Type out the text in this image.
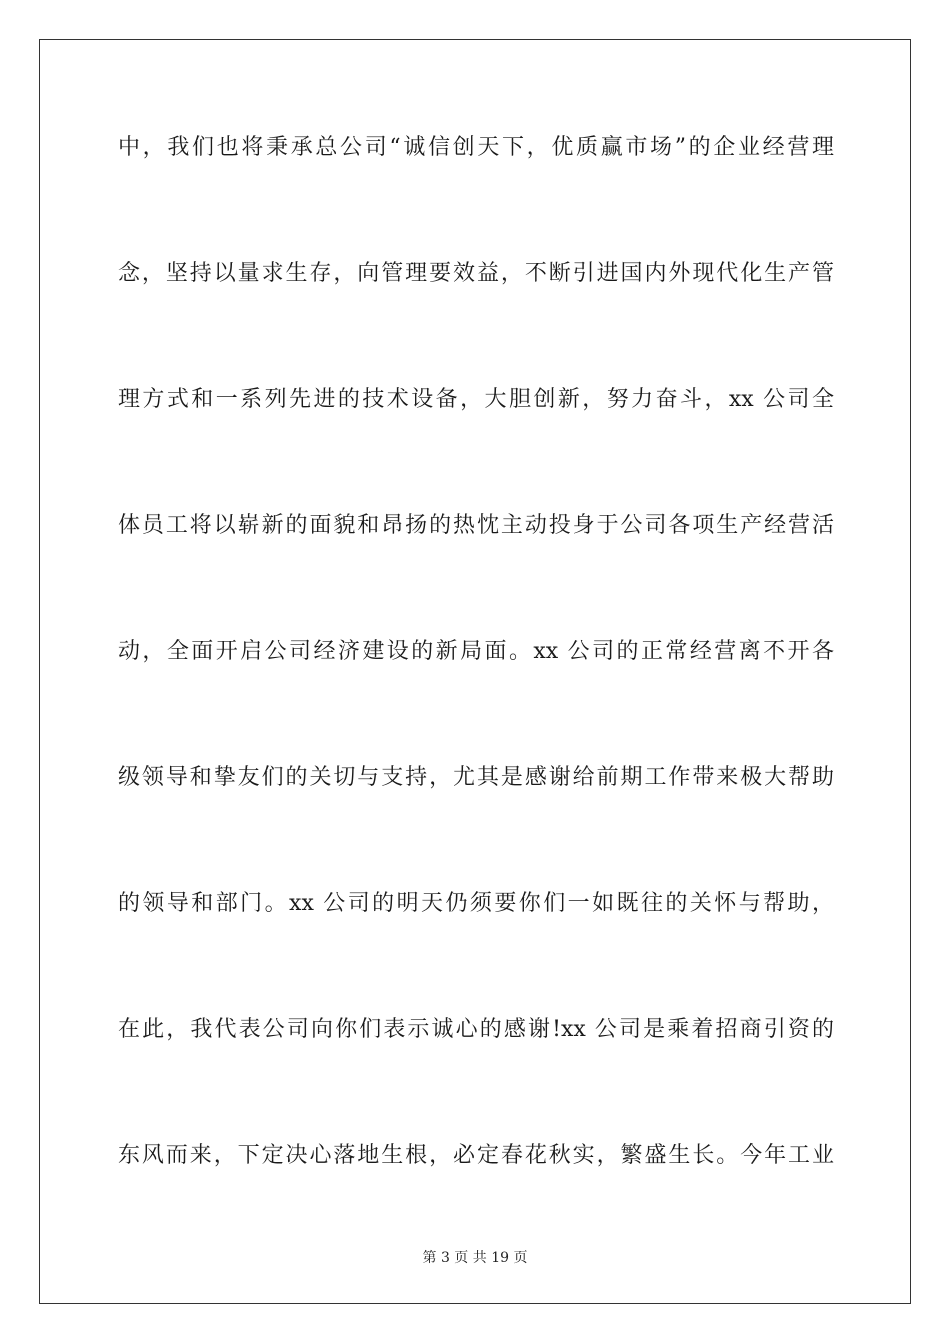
中，我们也将秉承总公司“诚信创天下，优质赢市场”的企业经营理
念，坚持以量求生存，向管理要效益，不断引进国内外现代化生产管
理方式和一系列先进的技术设备，大胆创新，努力奋斗，xx 公司全
体员工将以崭新的面貌和昂扬的热忱主动投身于公司各项生产经营活
动，全面开启公司经济建设的新局面。xx 公司的正常经营离不开各
级领导和挚友们的关切与支持，尤其是感谢给前期工作带来极大帮助
的领导和部门。xx 公司的明天仍须要你们一如既往的关怀与帮助，
在此，我代表公司向你们表示诚心的感谢!xx 公司是乘着招商引资的
东风而来，下定决心落地生根，必定春花秋实，繁盛生长。今年工业
第 3 页 共 19 页
